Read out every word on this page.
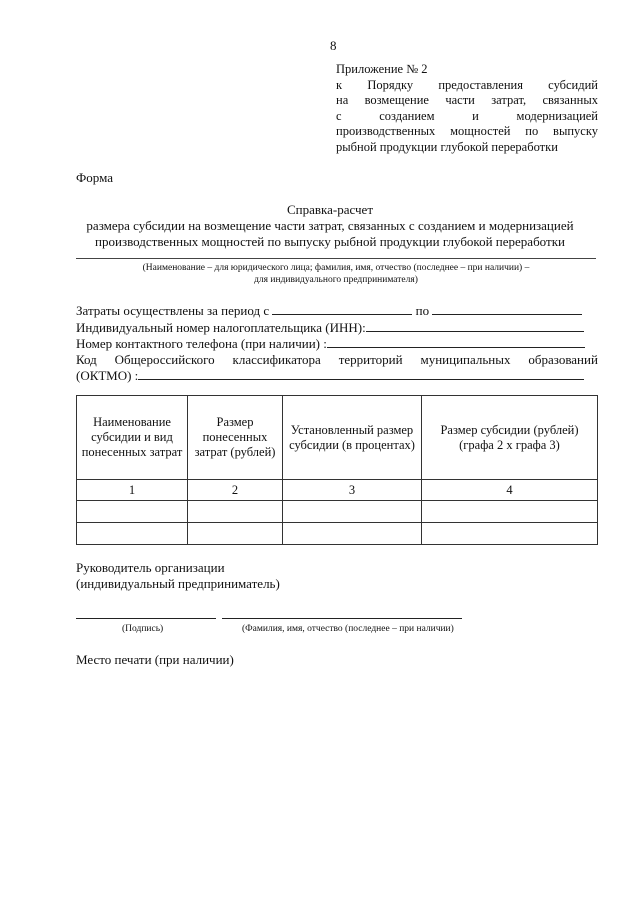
8
Приложение № 2
к Порядку предоставления субсидий
на возмещение части затрат, связанных
с созданием и модернизацией
производственных мощностей по выпуску
рыбной продукции глубокой переработки
Форма
Справка-расчет
размера субсидии на возмещение части затрат, связанных с созданием и модернизацией
производственных мощностей по выпуску рыбной продукции глубокой переработки
(Наименование – для юридического лица; фамилия, имя, отчество (последнее – при наличии) –
для индивидуального предпринимателя)
Затраты осуществлены за период с	по
Индивидуальный номер налогоплательщика (ИНН):
Номер контактного телефона (при наличии) :
Код Общероссийского классификатора территорий муниципальных образований
(ОКТМО) :
Наименование субсидии и вид понесенных затрат	Размер понесенных затрат (рублей)	Установленный размер субсидии (в процентах)	Размер субсидии (рублей) (графа 2 x графа 3)
1	2	3	4

Руководитель организации
(индивидуальный предприниматель)
(Подпись)	(Фамилия, имя, отчество (последнее – при наличии)
Место печати (при наличии)
